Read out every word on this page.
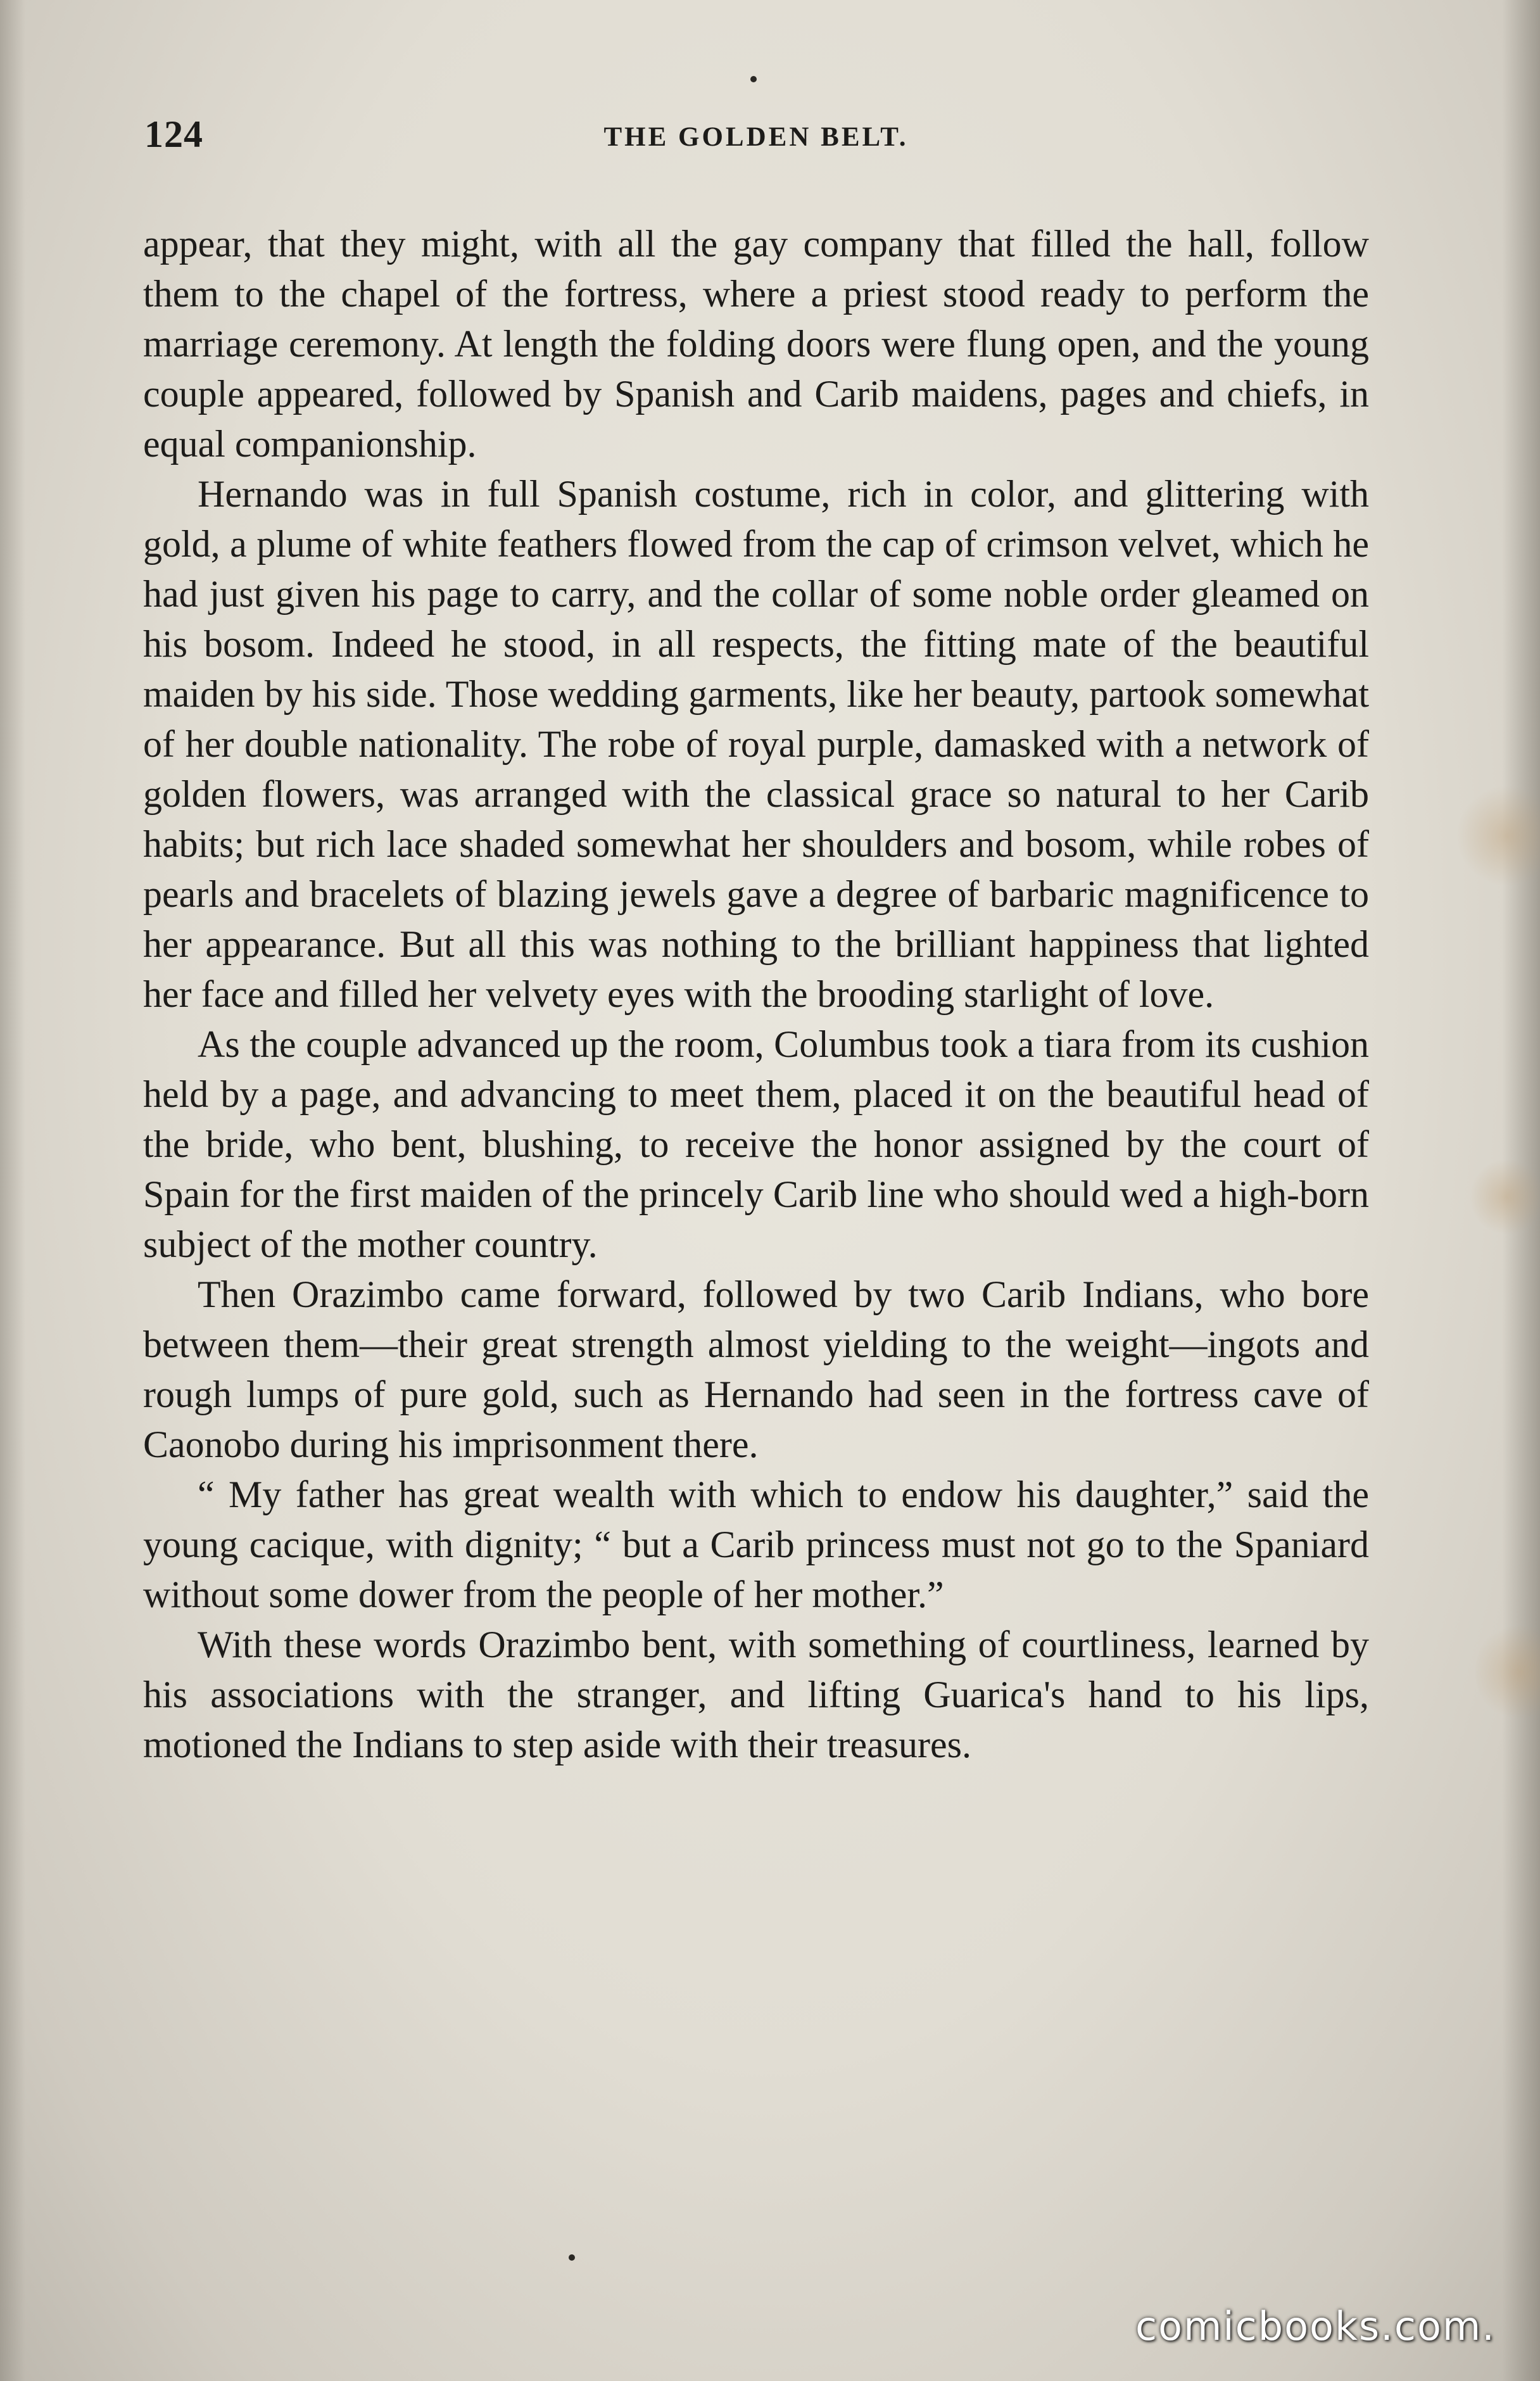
124	THE GOLDEN BELT.

appear, that they might, with all the gay company that filled the hall, follow them to the chapel of the fortress, where a priest stood ready to perform the marriage ceremony. At length the folding doors were flung open, and the young couple appeared, followed by Spanish and Carib maidens, pages and chiefs, in equal companionship.

Hernando was in full Spanish costume, rich in color, and glittering with gold, a plume of white feathers flowed from the cap of crimson velvet, which he had just given his page to carry, and the collar of some noble order gleamed on his bosom. Indeed he stood, in all respects, the fitting mate of the beautiful maiden by his side. Those wedding garments, like her beauty, partook somewhat of her double nationality. The robe of royal purple, damasked with a network of golden flowers, was arranged with the classical grace so natural to her Carib habits; but rich lace shaded somewhat her shoulders and bosom, while robes of pearls and bracelets of blazing jewels gave a degree of barbaric magnificence to her appearance. But all this was nothing to the brilliant happiness that lighted her face and filled her velvety eyes with the brooding starlight of love.

As the couple advanced up the room, Columbus took a tiara from its cushion held by a page, and advancing to meet them, placed it on the beautiful head of the bride, who bent, blushing, to receive the honor assigned by the court of Spain for the first maiden of the princely Carib line who should wed a high-born subject of the mother country.

Then Orazimbo came forward, followed by two Carib Indians, who bore between them—their great strength almost yielding to the weight—ingots and rough lumps of pure gold, such as Hernando had seen in the fortress cave of Caonobo during his imprisonment there.

“ My father has great wealth with which to endow his daughter,” said the young cacique, with dignity; “ but a Carib princess must not go to the Spaniard without some dower from the people of her mother.”

With these words Orazimbo bent, with something of courtliness, learned by his associations with the stranger, and lifting Guarica's hand to his lips, motioned the Indians to step aside with their treasures.

comicbooks.com.
